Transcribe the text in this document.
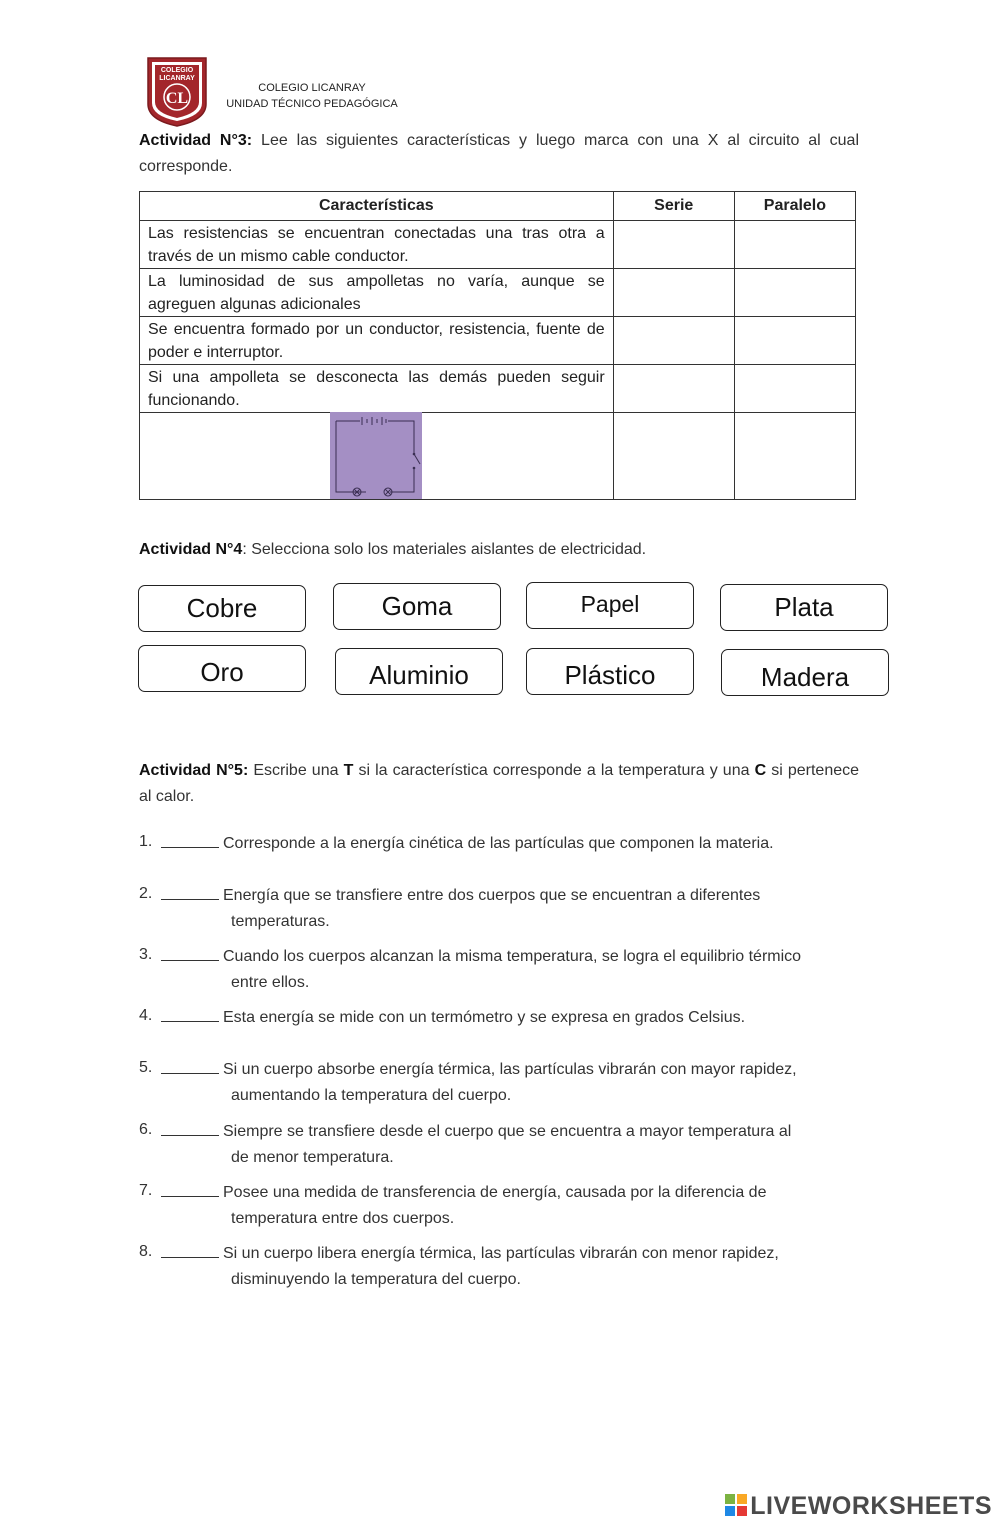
COLEGIO
LICANRAY
CL
COLEGIO LICANRAY
UNIDAD TÉCNICO PEDAGÓGICA
Actividad N°3: Lee las siguientes características y luego marca con una X al circuito al cual corresponde.
Características	Serie	Paralelo
Las resistencias se encuentran conectadas una tras otra a través de un mismo cable conductor.		
La luminosidad de sus ampolletas no varía, aunque se agreguen algunas adicionales		
Se encuentra formado por un conductor, resistencia, fuente de poder e interruptor.		
Si una ampolleta se desconecta las demás pueden seguir funcionando.		

Actividad N°4: Selecciona solo los materiales aislantes de electricidad.
Cobre	Goma	Papel	Plata
Oro	Aluminio	Plástico	Madera
Actividad N°5: Escribe una T si la característica corresponde a la temperatura y una C si pertenece al calor.
1.	Corresponde a la energía cinética de las partículas que componen la materia.
2.	Energía que se transfiere entre dos cuerpos que se encuentran a diferentes
temperaturas.
3.	Cuando los cuerpos alcanzan la misma temperatura, se logra el equilibrio térmico
entre ellos.
4.	Esta energía se mide con un termómetro y se expresa en grados Celsius.
5.	Si un cuerpo absorbe energía térmica, las partículas vibrarán con mayor rapidez,
aumentando la temperatura del cuerpo.
6.	Siempre se transfiere desde el cuerpo que se encuentra a mayor temperatura al
de menor temperatura.
7.	Posee una medida de transferencia de energía, causada por la diferencia de
temperatura entre dos cuerpos.
8.	Si un cuerpo libera energía térmica, las partículas vibrarán con menor rapidez,
disminuyendo la temperatura del cuerpo.
LIVEWORKSHEETS
